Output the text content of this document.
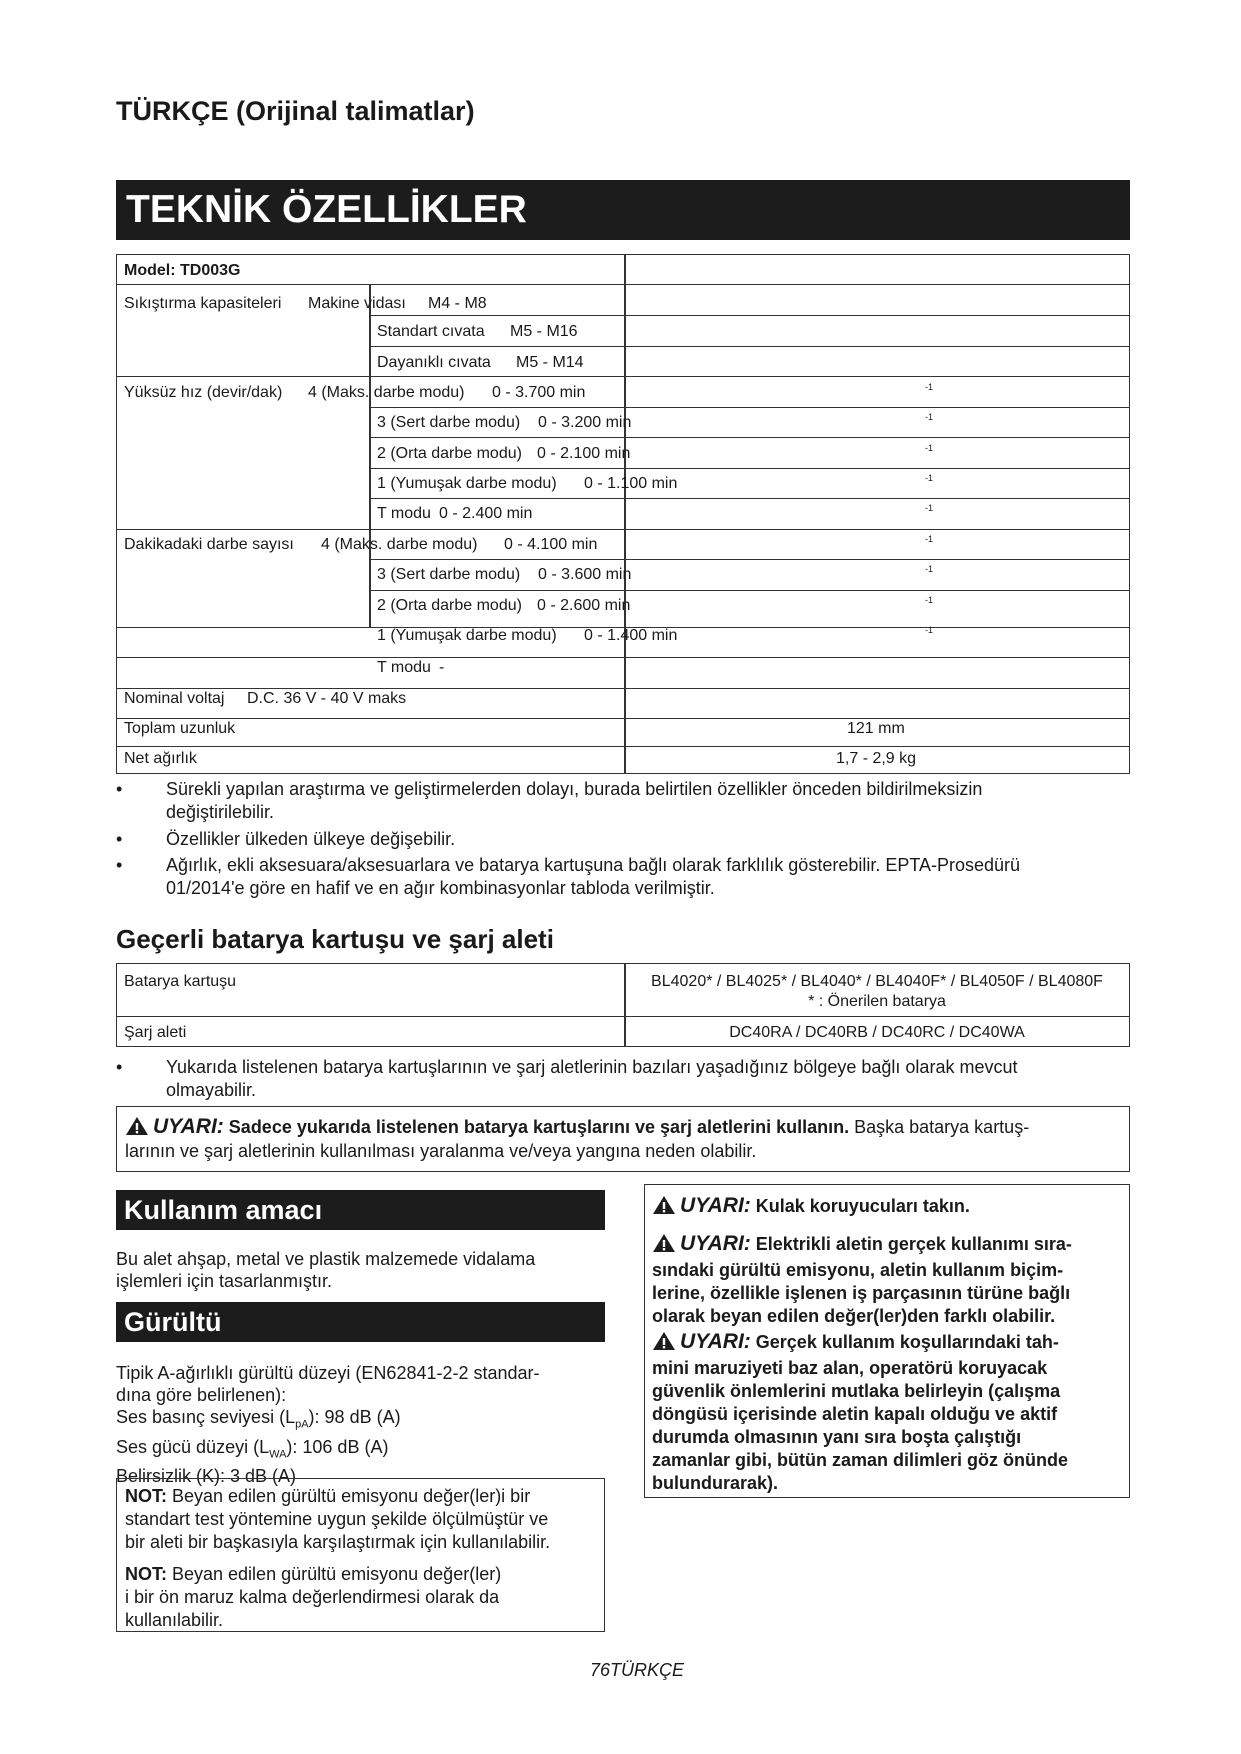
TÜRKÇE (Orijinal talimatlar)
TEKNİK ÖZELLİKLER
Model: TD003G
Sıkıştırma kapasiteleri Makine vidası M4 - M8
Standart cıvata M5 - M16
Dayanıklı cıvata M5 - M14
Yüksüz hız (devir/dak) 4 (Maks. darbe modu) 0 - 3.700 min	-1
3 (Sert darbe modu) 0 - 3.200 min	-1
2 (Orta darbe modu) 0 - 2.100 min	-1
1 (Yumuşak darbe modu) 0 - 1.100 min	-1
T modu 0 - 2.400 min	-1
Dakikadaki darbe sayısı 4 (Maks. darbe modu) 0 - 4.100 min	-1
3 (Sert darbe modu) 0 - 3.600 min	-1
2 (Orta darbe modu) 0 - 2.600 min	-1
1 (Yumuşak darbe modu) 0 - 1.400 min	-1
T modu -
Nominal voltaj D.C. 36 V - 40 V maks
Toplam uzunluk	121 mm
Net ağırlık	1,7 - 2,9 kg
• Sürekli yapılan araştırma ve geliştirmelerden dolayı, burada belirtilen özellikler önceden bildirilmeksizin
değiştirilebilir.
• Özellikler ülkeden ülkeye değişebilir.
• Ağırlık, ekli aksesuara/aksesuarlara ve batarya kartuşuna bağlı olarak farklılık gösterebilir. EPTA-Prosedürü
01/2014'e göre en hafif ve en ağır kombinasyonlar tabloda verilmiştir.
Geçerli batarya kartuşu ve şarj aleti
Batarya kartuşu	BL4020* / BL4025* / BL4040* / BL4040F* / BL4050F / BL4080F
* : Önerilen batarya
Şarj aleti	DC40RA / DC40RB / DC40RC / DC40WA
• Yukarıda listelenen batarya kartuşlarının ve şarj aletlerinin bazıları yaşadığınız bölgeye bağlı olarak mevcut
olmayabilir.
UYARI: Sadece yukarıda listelenen batarya kartuşlarını ve şarj aletlerini kullanın. Başka batarya kartuş-
larının ve şarj aletlerinin kullanılması yaralanma ve/veya yangına neden olabilir.
Kullanım amacı
Bu alet ahşap, metal ve plastik malzemede vidalama
işlemleri için tasarlanmıştır.
Gürültü
Tipik A-ağırlıklı gürültü düzeyi (EN62841-2-2 standar-
dına göre belirlenen):
Ses basınç seviyesi $(L_{pA})$: 98 dB (A)
Ses gücü düzeyi $(L_{WA})$: 106 dB (A)
Belirsizlik (K): 3 dB (A)
NOT: Beyan edilen gürültü emisyonu değer(ler)i bir
standart test yöntemine uygun şekilde ölçülmüştür ve
bir aleti bir başkasıyla karşılaştırmak için kullanılabilir.
NOT: Beyan edilen gürültü emisyonu değer(ler)
i bir ön maruz kalma değerlendirmesi olarak da
kullanılabilir.
UYARI: Kulak koruyucuları takın.
UYARI: Elektrikli aletin gerçek kullanımı sıra-
sındaki gürültü emisyonu, aletin kullanım biçim-
lerine, özellikle işlenen iş parçasının türüne bağlı
olarak beyan edilen değer(ler)den farklı olabilir.
UYARI: Gerçek kullanım koşullarındaki tah-
mini maruziyeti baz alan, operatörü koruyacak
güvenlik önlemlerini mutlaka belirleyin (çalışma
döngüsü içerisinde aletin kapalı olduğu ve aktif
durumda olmasının yanı sıra boşta çalıştığı
zamanlar gibi, bütün zaman dilimleri göz önünde
bulundurarak).
76TÜRKÇE
